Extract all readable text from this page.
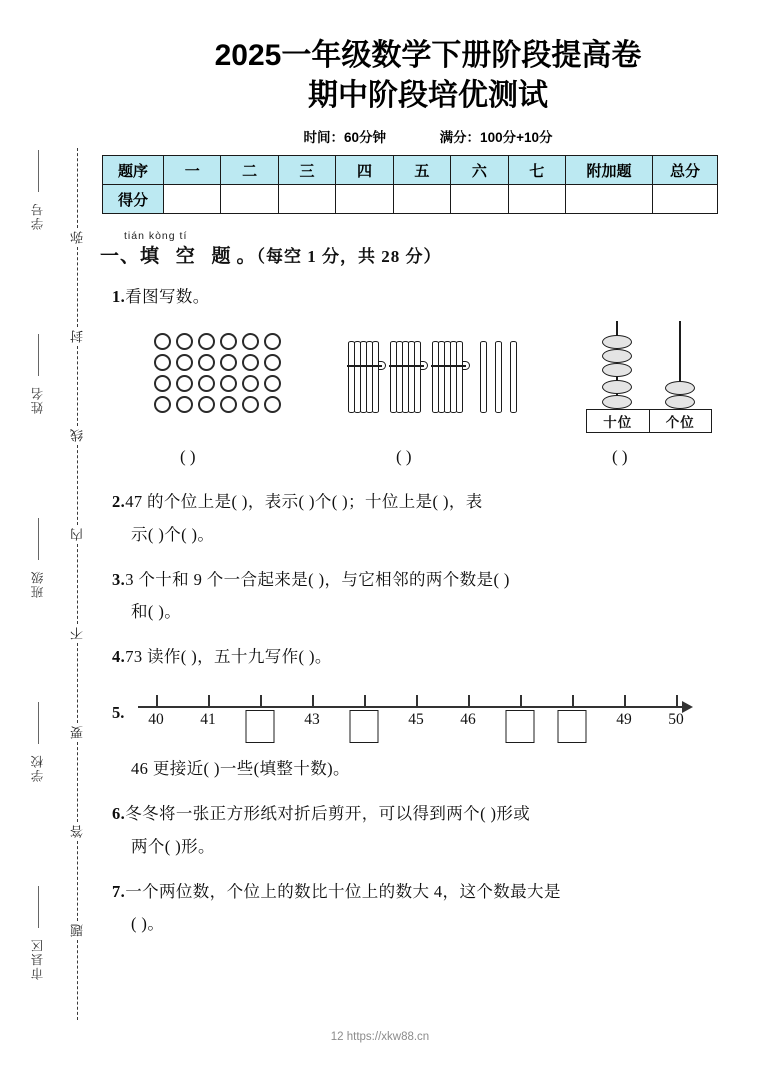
学号
姓名
班级
学校
市县区
弥
封
线
内
不
要
答
题
2025一年级数学下册阶段提高卷
期中阶段培优测试
时间：60分钟	满分：100分+10分
题序	一	二	三	四	五	六	七	附加题	总分
得分									
tián kòng tí
一、填 空 题。（每空 1 分，共 28 分）
1.看图写数。
十位	个位
( )	( )	( )
2.47 的个位上是( )，表示( )个( )；十位上是( )，表
示( )个( )。
3.3 个十和 9 个一合起来是( )，与它相邻的两个数是( )
和( )。
4.73 读作( )，五十九写作( )。
5. 40 41	43	45 46	49 50
46 更接近( )一些(填整十数)。
6.冬冬将一张正方形纸对折后剪开，可以得到两个( )形或
两个( )形。
7.一个两位数，个位上的数比十位上的数大 4，这个数最大是
( )。
12 https://xkw88.cn
